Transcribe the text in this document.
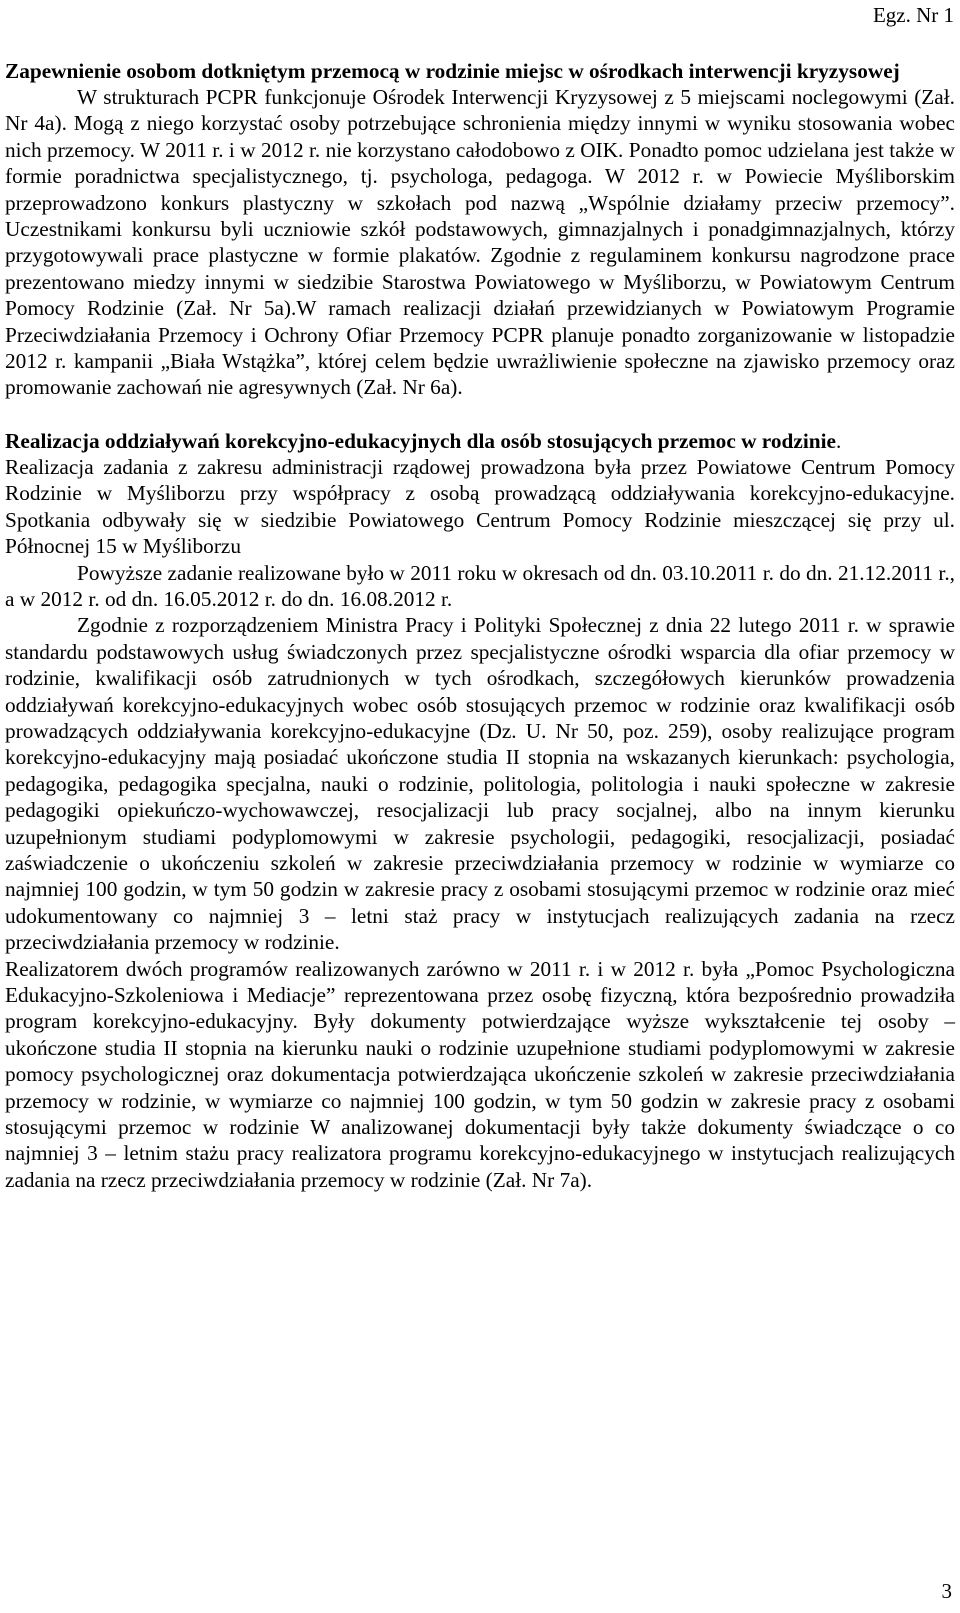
Egz. Nr 1

Zapewnienie osobom dotkniętym przemocą w rodzinie miejsc w ośrodkach interwencji kryzysowej

W strukturach PCPR funkcjonuje Ośrodek Interwencji Kryzysowej z 5 miejscami noclegowymi (Zał. Nr 4a). Mogą z niego korzystać osoby potrzebujące schronienia między innymi w wyniku stosowania wobec nich przemocy. W 2011 r. i w 2012 r. nie korzystano całodobowo z OIK. Ponadto pomoc udzielana jest także w formie poradnictwa specjalistycznego, tj. psychologa, pedagoga. W 2012 r. w Powiecie Myśliborskim przeprowadzono konkurs plastyczny w szkołach pod nazwą „Wspólnie działamy przeciw przemocy”. Uczestnikami konkursu byli uczniowie szkół podstawowych, gimnazjalnych i ponadgimnazjalnych, którzy przygotowywali prace plastyczne w formie plakatów. Zgodnie z regulaminem konkursu nagrodzone prace prezentowano miedzy innymi w siedzibie Starostwa Powiatowego w Myśliborzu, w Powiatowym Centrum Pomocy Rodzinie (Zał. Nr 5a).W ramach realizacji działań przewidzianych w Powiatowym Programie Przeciwdziałania Przemocy i Ochrony Ofiar Przemocy PCPR planuje ponadto zorganizowanie w listopadzie 2012 r. kampanii „Biała Wstążka”, której celem będzie uwrażliwienie społeczne na zjawisko przemocy oraz promowanie zachowań nie agresywnych (Zał. Nr 6a).

Realizacja oddziaływań korekcyjno-edukacyjnych dla osób stosujących przemoc w rodzinie.

Realizacja zadania z zakresu administracji rządowej prowadzona była przez Powiatowe Centrum Pomocy Rodzinie w Myśliborzu przy współpracy z osobą prowadzącą oddziaływania korekcyjno-edukacyjne. Spotkania odbywały się w siedzibie Powiatowego Centrum Pomocy Rodzinie mieszczącej się przy ul. Północnej 15 w Myśliborzu

Powyższe zadanie realizowane było w 2011 roku w okresach od dn. 03.10.2011 r. do dn. 21.12.2011 r., a w 2012 r. od dn. 16.05.2012 r. do dn. 16.08.2012 r.

Zgodnie z rozporządzeniem Ministra Pracy i Polityki Społecznej z dnia 22 lutego 2011 r. w sprawie standardu podstawowych usług świadczonych przez specjalistyczne ośrodki wsparcia dla ofiar przemocy w rodzinie, kwalifikacji osób zatrudnionych w tych ośrodkach, szczegółowych kierunków prowadzenia oddziaływań korekcyjno-edukacyjnych wobec osób stosujących przemoc w rodzinie oraz kwalifikacji osób prowadzących oddziaływania korekcyjno-edukacyjne (Dz. U. Nr 50, poz. 259), osoby realizujące program korekcyjno-edukacyjny mają posiadać ukończone studia II stopnia na wskazanych kierunkach: psychologia, pedagogika, pedagogika specjalna, nauki o rodzinie, politologia, politologia i nauki społeczne w zakresie pedagogiki opiekuńczo-wychowawczej, resocjalizacji lub pracy socjalnej, albo na innym kierunku uzupełnionym studiami podyplomowymi w zakresie psychologii, pedagogiki, resocjalizacji, posiadać zaświadczenie o ukończeniu szkoleń w zakresie przeciwdziałania przemocy w rodzinie w wymiarze co najmniej 100 godzin, w tym 50 godzin w zakresie pracy z osobami stosującymi przemoc w rodzinie oraz mieć udokumentowany co najmniej 3 – letni staż pracy w instytucjach realizujących zadania na rzecz przeciwdziałania przemocy w rodzinie.

Realizatorem dwóch programów realizowanych zarówno w 2011 r. i w 2012 r. była „Pomoc Psychologiczna Edukacyjno-Szkoleniowa i Mediacje” reprezentowana przez osobę fizyczną, która bezpośrednio prowadziła program korekcyjno-edukacyjny. Były dokumenty potwierdzające wyższe wykształcenie tej osoby – ukończone studia II stopnia na kierunku nauki o rodzinie uzupełnione studiami podyplomowymi w zakresie pomocy psychologicznej oraz dokumentacja potwierdzająca ukończenie szkoleń w zakresie przeciwdziałania przemocy w rodzinie, w wymiarze co najmniej 100 godzin, w tym 50 godzin w zakresie pracy z osobami stosującymi przemoc w rodzinie W analizowanej dokumentacji były także dokumenty świadczące o co najmniej 3 – letnim stażu pracy realizatora programu korekcyjno-edukacyjnego w instytucjach realizujących zadania na rzecz przeciwdziałania przemocy w rodzinie (Zał. Nr 7a).

3
